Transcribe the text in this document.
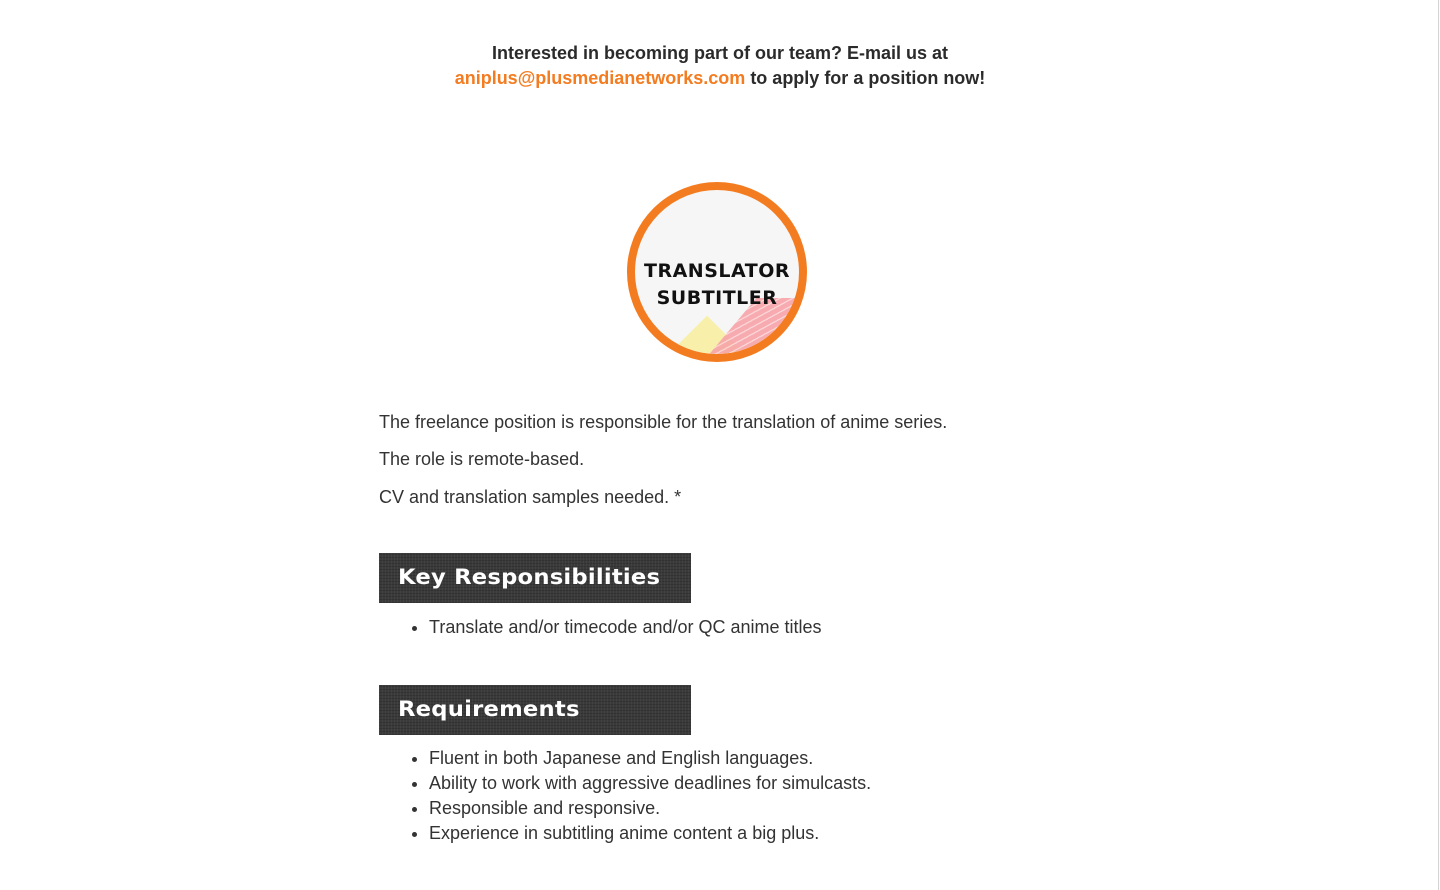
Interested in becoming part of our team? E-mail us at
aniplus@plusmedianetworks.com to apply for a position now!
TRANSLATOR
SUBTITLER
The freelance position is responsible for the translation of anime series.
The role is remote-based.
CV and translation samples needed. *
Key Responsibilities
• Translate and/or timecode and/or QC anime titles
Requirements
• Fluent in both Japanese and English languages.
• Ability to work with aggressive deadlines for simulcasts.
• Responsible and responsive.
• Experience in subtitling anime content a big plus.
